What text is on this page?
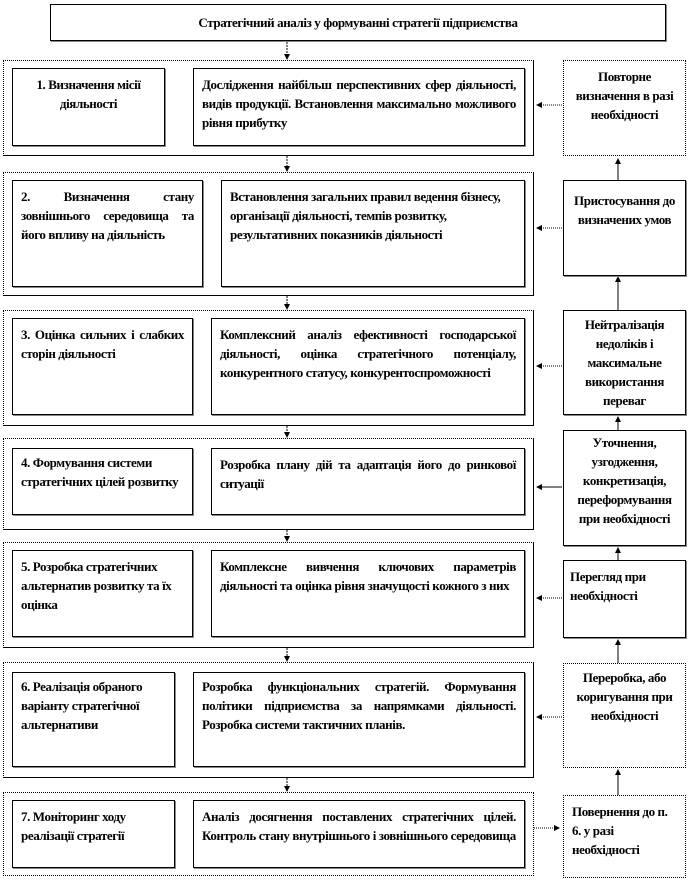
Стратегічний аналіз у формуванні стратегії підприємства
1. Визначення місії діяльності
Дослідження найбільш перспективних сфер діяльності, видів продукції. Встановлення максимально можливого рівня прибутку
Повторне визначення в разі необхідності
2. Визначення стану зовнішнього середовища та його впливу на діяльність
Встановлення загальних правил ведення бізнесу, організації діяльності, темпів розвитку, результативних показників діяльності
Пристосування до визначених умов
3. Оцінка сильних і слабких сторін діяльності
Комплексний аналіз ефективності господарської діяльності, оцінка стратегічного потенціалу, конкурентного статусу, конкурентоспроможності
Нейтралізація недоліків і максимальне використання переваг
4. Формування системи стратегічних цілей розвитку
Розробка плану дій та адаптація його до ринкової ситуації
Уточнення, узгодження, конкретизація, переформування при необхідності
5. Розробка стратегічних альтернатив розвитку та їх оцінка
Комплексне вивчення ключових параметрів діяльності та оцінка рівня значущості кожного з них
Перегляд при необхідності
6. Реалізація обраного варіанту стратегічної альтернативи
Розробка функціональних стратегій. Формування політики підприємства за напрямками діяльності. Розробка системи тактичних планів.
Переробка, або коригування при необхідності
7. Моніторинг ходу реалізації стратегії
Аналіз досягнення поставлених стратегічних цілей. Контроль стану внутрішнього і зовнішнього середовища
Повернення до п. 6. у разі необхідності
